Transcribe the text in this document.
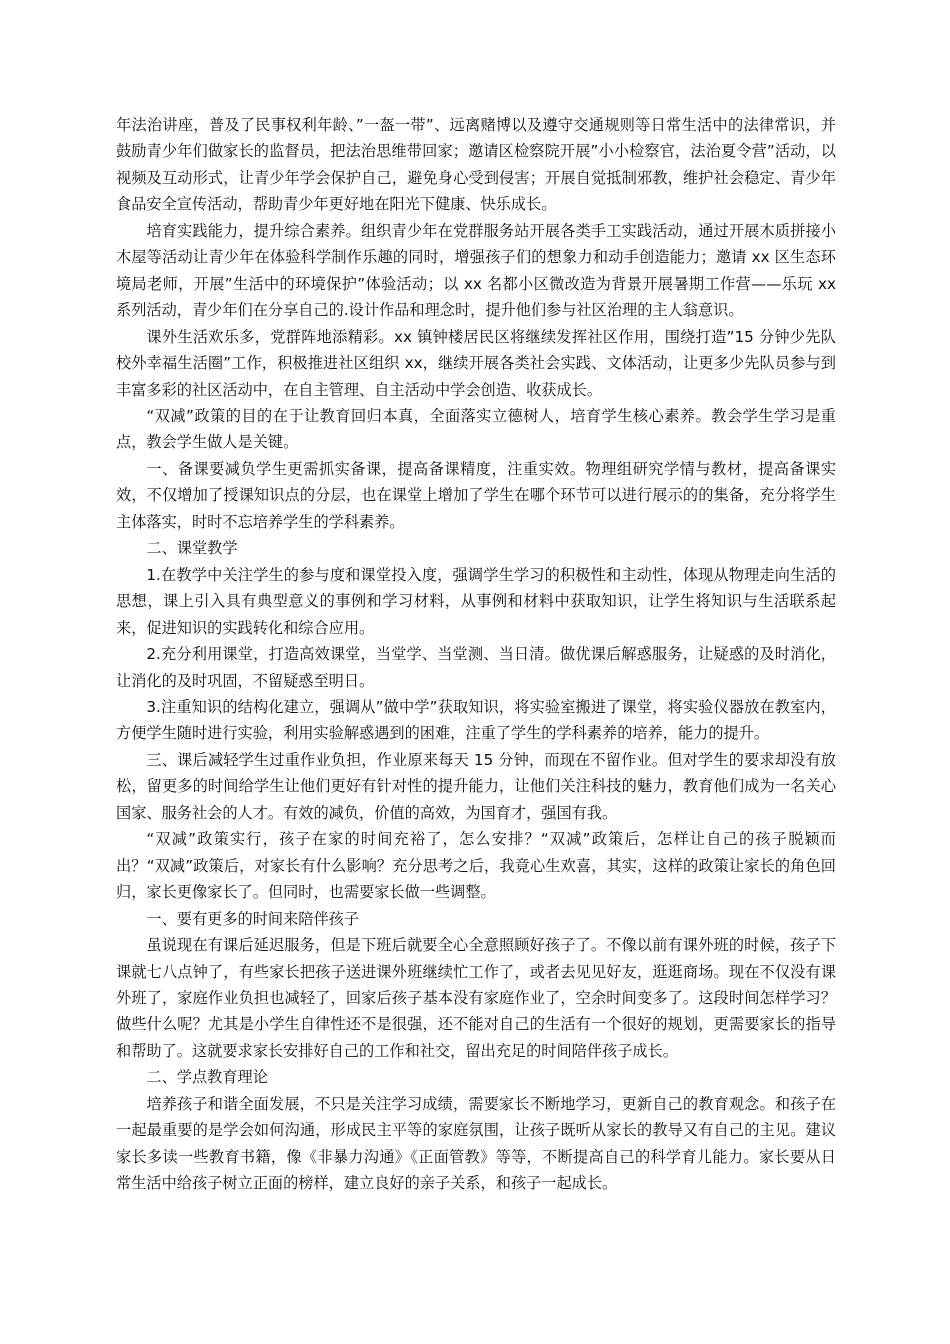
年法治讲座，普及了民事权利年龄、”一盔一带”、远离赌博以及遵守交通规则等日常生活中的法律常识，并鼓励青少年们做家长的监督员，把法治思维带回家；邀请区检察院开展”小小检察官，法治夏令营”活动，以视频及互动形式，让青少年学会保护自己，避免身心受到侵害；开展自觉抵制邪教，维护社会稳定、青少年食品安全宣传活动，帮助青少年更好地在阳光下健康、快乐成长。

培育实践能力，提升综合素养。组织青少年在党群服务站开展各类手工实践活动，通过开展木质拼接小木屋等活动让青少年在体验科学制作乐趣的同时，增强孩子们的想象力和动手创造能力；邀请 xx 区生态环境局老师，开展”生活中的环境保护”体验活动；以 xx 名都小区微改造为背景开展暑期工作营——乐玩 xx 系列活动，青少年们在分享自己的.设计作品和理念时，提升他们参与社区治理的主人翁意识。

课外生活欢乐多，党群阵地添精彩。xx 镇钟楼居民区将继续发挥社区作用，围绕打造”15 分钟少先队校外幸福生活圈”工作，积极推进社区组织 xx，继续开展各类社会实践、文体活动，让更多少先队员参与到丰富多彩的社区活动中，在自主管理、自主活动中学会创造、收获成长。

“双减”政策的目的在于让教育回归本真，全面落实立德树人，培育学生核心素养。教会学生学习是重点，教会学生做人是关键。

一、备课要减负学生更需抓实备课，提高备课精度，注重实效。物理组研究学情与教材，提高备课实效，不仅增加了授课知识点的分层，也在课堂上增加了学生在哪个环节可以进行展示的的集备，充分将学生主体落实，时时不忘培养学生的学科素养。

二、课堂教学

1.在教学中关注学生的参与度和课堂投入度，强调学生学习的积极性和主动性，体现从物理走向生活的思想，课上引入具有典型意义的事例和学习材料，从事例和材料中获取知识，让学生将知识与生活联系起来，促进知识的实践转化和综合应用。

2.充分利用课堂，打造高效课堂，当堂学、当堂测、当日清。做优课后解惑服务，让疑惑的及时消化，让消化的及时巩固，不留疑惑至明日。

3.注重知识的结构化建立，强调从”做中学”获取知识，将实验室搬进了课堂，将实验仪器放在教室内，方便学生随时进行实验，利用实验解惑遇到的困难，注重了学生的学科素养的培养，能力的提升。

三、课后减轻学生过重作业负担，作业原来每天 15 分钟，而现在不留作业。但对学生的要求却没有放松，留更多的时间给学生让他们更好有针对性的提升能力，让他们关注科技的魅力，教育他们成为一名关心国家、服务社会的人才。有效的减负，价值的高效，为国育才，强国有我。

“双减”政策实行，孩子在家的时间充裕了，怎么安排？“双减”政策后，怎样让自己的孩子脱颖而出？“双减”政策后，对家长有什么影响？充分思考之后，我竟心生欢喜，其实，这样的政策让家长的角色回归，家长更像家长了。但同时，也需要家长做一些调整。

一、要有更多的时间来陪伴孩子

虽说现在有课后延迟服务，但是下班后就要全心全意照顾好孩子了。不像以前有课外班的时候，孩子下课就七八点钟了，有些家长把孩子送进课外班继续忙工作了，或者去见见好友，逛逛商场。现在不仅没有课外班了，家庭作业负担也减轻了，回家后孩子基本没有家庭作业了，空余时间变多了。这段时间怎样学习？做些什么呢？尤其是小学生自律性还不是很强，还不能对自己的生活有一个很好的规划，更需要家长的指导和帮助了。这就要求家长安排好自己的工作和社交，留出充足的时间陪伴孩子成长。

二、学点教育理论

培养孩子和谐全面发展，不只是关注学习成绩，需要家长不断地学习，更新自己的教育观念。和孩子在一起最重要的是学会如何沟通，形成民主平等的家庭氛围，让孩子既听从家长的教导又有自己的主见。建议家长多读一些教育书籍，像《非暴力沟通》《正面管教》等等，不断提高自己的科学育儿能力。家长要从日常生活中给孩子树立正面的榜样，建立良好的亲子关系，和孩子一起成长。
